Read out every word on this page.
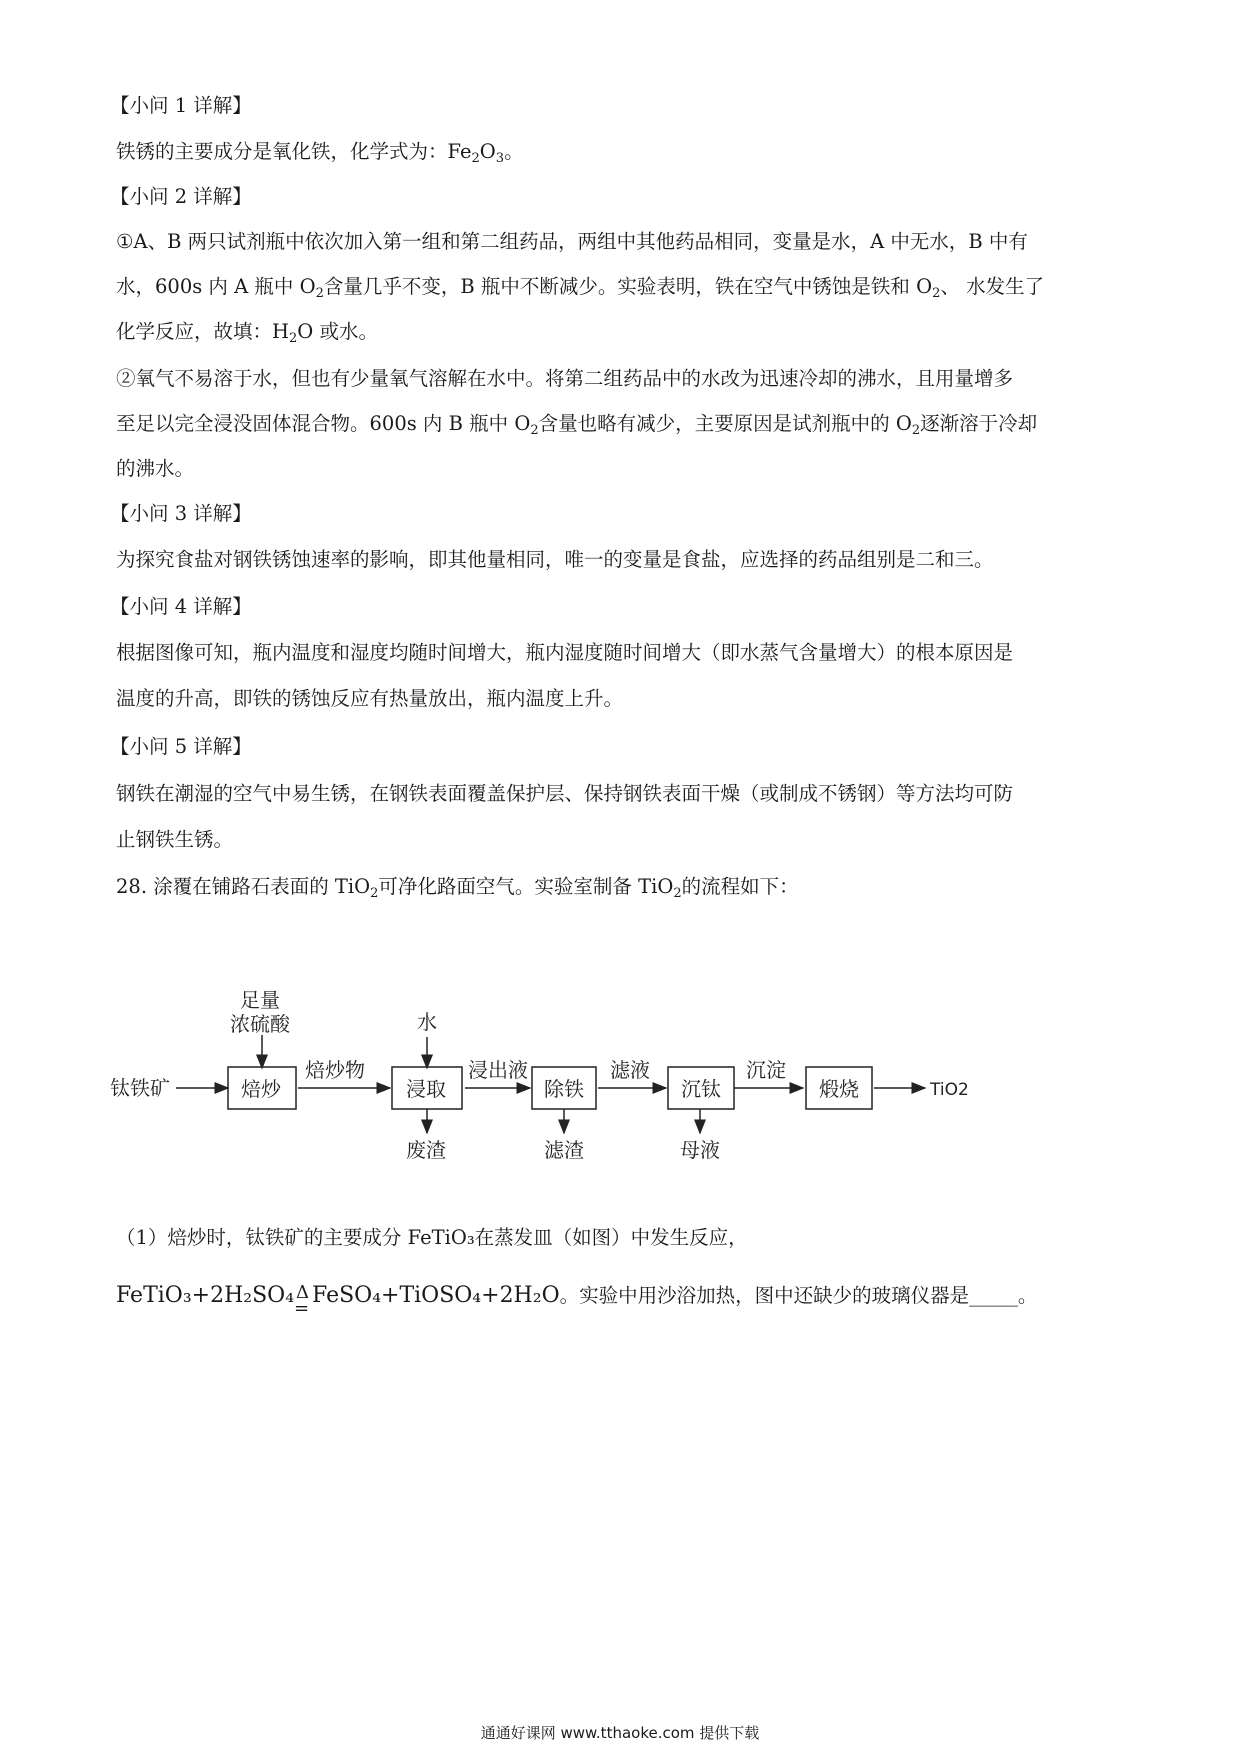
【小问 1 详解】
铁锈的主要成分是氧化铁，化学式为：$Fe_2O_3$。
【小问 2 详解】
①A、B 两只试剂瓶中依次加入第一组和第二组药品，两组中其他药品相同，变量是水，A 中无水，B 中有
水，600s 内 A 瓶中 $O_2$含量几乎不变，B 瓶中不断减少。实验表明，铁在空气中锈蚀是铁和 $O_2$、 水发生了
化学反应，故填：$H_2O$ 或水。
②氧气不易溶于水，但也有少量氧气溶解在水中。将第二组药品中的水改为迅速冷却的沸水，且用量增多
至足以完全浸没固体混合物。600s 内 B 瓶中 $O_2$含量也略有减少，主要原因是试剂瓶中的 $O_2$逐渐溶于冷却
的沸水。
【小问 3 详解】
为探究食盐对钢铁锈蚀速率的影响，即其他量相同，唯一的变量是食盐，应选择的药品组别是二和三。
【小问 4 详解】
根据图像可知，瓶内温度和湿度均随时间增大，瓶内湿度随时间增大（即水蒸气含量增大）的根本原因是
温度的升高，即铁的锈蚀反应有热量放出，瓶内温度上升。
【小问 5 详解】
钢铁在潮湿的空气中易生锈，在钢铁表面覆盖保护层、保持钢铁表面干燥（或制成不锈钢）等方法均可防
止钢铁生锈。
28. 涂覆在铺路石表面的 TiO$_2$可净化路面空气。实验室制备 TiO$_2$的流程如下：
钛铁矿
足量
浓硫酸
焙炒
焙炒物
水
浸取
废渣
浸出液
除铁
滤渣
滤液
沉钛
母液
沉淀
煅烧	TiO2
（1）焙炒时，钛铁矿的主要成分 FeTiO₃在蒸发皿（如图）中发生反应，
FeTiO₃+2H₂SO₄ Δ
=
FeSO₄+TiOSO₄+2H₂O。实验中用沙浴加热，图中还缺少的玻璃仪器是_____。
通通好课网 www.tthaoke.com 提供下载
